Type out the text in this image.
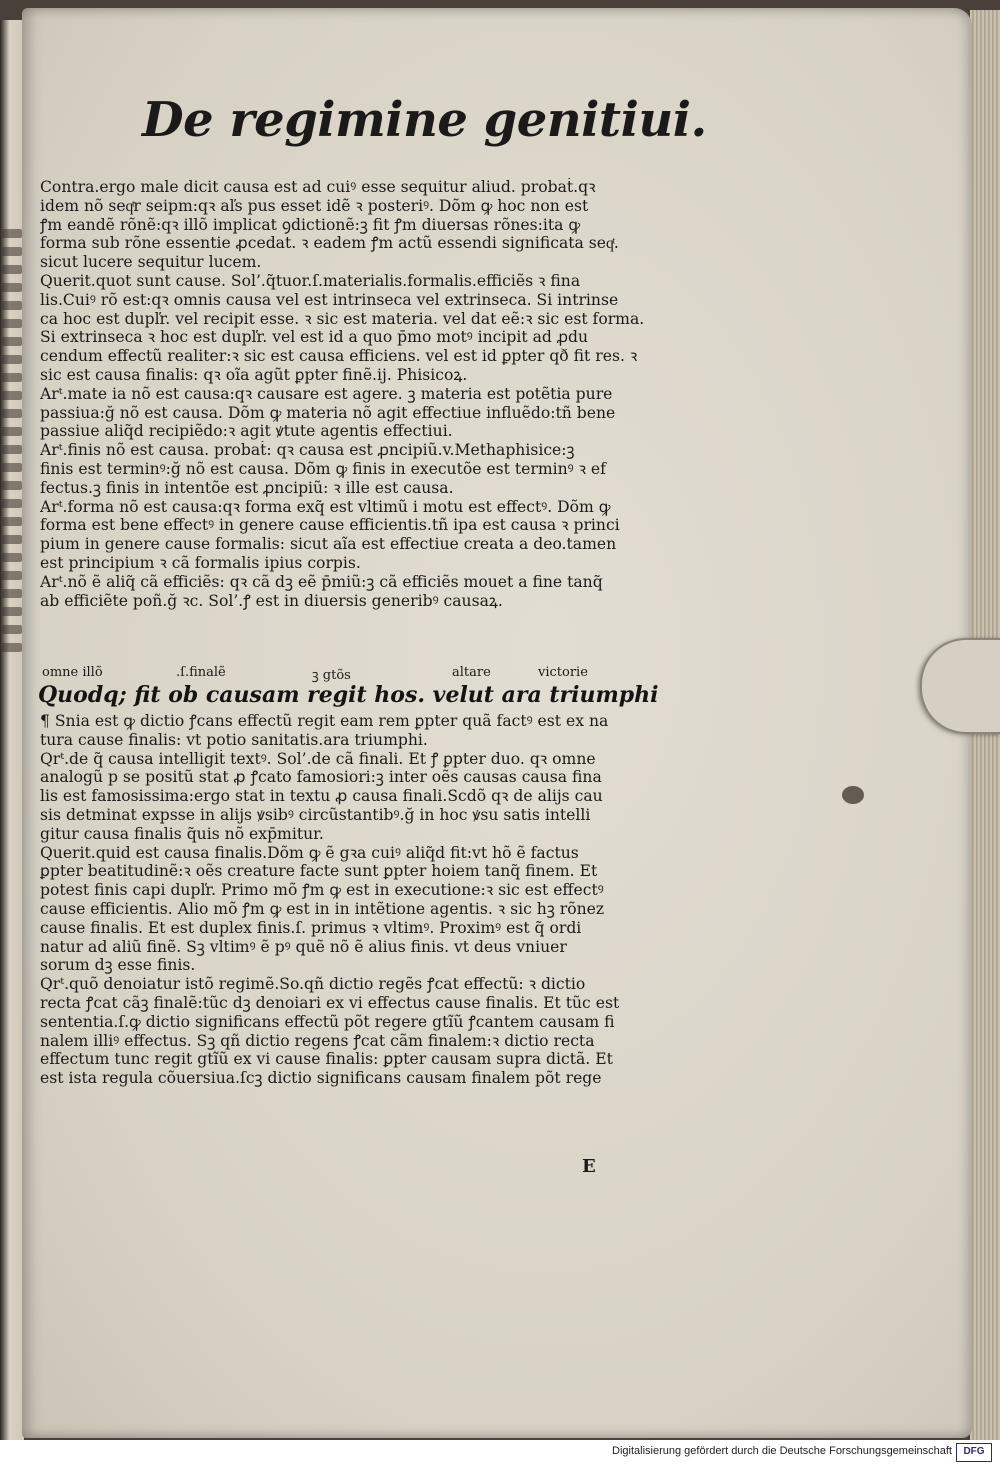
De regimine genitiui.
Contra.ergo male dicit causa est ad cuiꝰ esse sequitur aliud. probaṫ.qꝛ
idem nõ seqͭr seipm:qꝛ aľs pus esset idẽ ꝛ posteriꝰ. Dõm ꝙ hoc non est
ꝭm eandẽ rõnẽ:qꝛ illõ implicat ꝯdictionẽ:ꝫ fit ꝭm diuersas rõnes:ita ꝙ
forma sub rõne essentie ꝓcedat. ꝛ eadem ꝭm actũ essendi significata seqͭ.
sicut lucere sequitur lucem.
Querit.quot sunt cause. Sol’.q̃tuor.ſ.materialis.formalis.efficiẽs ꝛ fina
lis.Cuiꝰ rõ est:qꝛ omnis causa vel est intrinseca vel extrinseca. Si intrinse
ca hoc est dupľr. vel recipit esse. ꝛ sic est materia. vel dat eẽ:ꝛ sic est forma.
Si extrinseca ꝛ hoc est dupľr. vel est id a quo p̄mo motꝰ incipit ad ꝓdu
cendum effectũ realiter:ꝛ sic est causa efficiens. vel est id ꝑpter qð fit res. ꝛ
sic est causa finalis: qꝛ oĩa agũt ꝑpter finẽ.ij. Phisicoꝝ.
Arᵗ.mate ia nõ est causa:qꝛ causare est agere. ꝫ materia est potẽtia pure
passiua:ğ nõ est causa. Dõm ꝙ materia nõ agit effectiue influẽdo:tñ bene
passiue aliq̃d recipiẽdo:ꝛ agit ꝟtute agentis effectiui.
Arᵗ.finis nõ est causa. probaṫ: qꝛ causa est ꝓncipiũ.v.Methaphisice:ꝫ
finis est terminꝰ:ğ nõ est causa. Dõm ꝙ finis in executõe est terminꝰ ꝛ ef
fectus.ꝫ finis in intentõe est ꝓncipiũ: ꝛ ille est causa.
Arᵗ.forma nõ est causa:qꝛ forma exq̃ est vltimũ i motu est effectꝰ. Dõm ꝙ
forma est bene effectꝰ in genere cause efficientis.tñ ipa est causa ꝛ princi
pium in genere cause formalis: sicut aĩa est effectiue creata a deo.tamen
est principium ꝛ cã formalis ipius corpis.
Arᵗ.nõ ẽ aliq̃ cã efficiẽs: qꝛ cã dꝫ eẽ p̄miũ:ꝫ cã efficiẽs mouet a fine tanq̃
ab efficiẽte poñ.ğ ꝛc. Sol’.ꝭ est in diuersis generibꝰ causaꝝ.
omne illõ	.ſ.finalẽ	ꝫ gtõs	altare	victorie
Quodq; fit ob causam regit hos. velut ara triumphi
¶ Snia est ꝙ dictio ꝭcans effectũ regit eam rem ꝑpter quã factꝰ est ex na
tura cause finalis: vt potio sanitatis.ara triumphi.
Qrᵗ.de q̃ causa intelligiṫ textꝰ. Sol’.de cã finali. Et ꝭ ꝑpter duo. qꝛ omne
analogũ p se positũ stat ꝓ ꝭcato famosiori:ꝫ inter oẽs causas causa fina
lis est famosissima:ergo stat in textu ꝓ causa finali.Scdõ qꝛ de alijs cau
sis detminat expsse in alijs ꝟsibꝰ circũstantibꝰ.ğ in hoc ꝟsu satis intelli
gitur causa finalis q̃uis nõ exp̄mitur.
Querit.quid est causa finalis.Dõm ꝙ ẽ gꝛa cuiꝰ aliq̃d fit:vt hõ ẽ factus
ꝑpter beatitudinẽ:ꝛ oẽs creature facte sunt ꝑpter hoiem tanq̃ finem. Et
potest finis capi dupľr. Primo mõ ꝭm ꝙ est in executione:ꝛ sic est effectꝰ
cause efficientis. Alio mõ ꝭm ꝙ est in in intẽtione agentis. ꝛ sic hꝫ rõnez
cause finalis. Et est duplex finis.ſ. primus ꝛ vltimꝰ. Proximꝰ est q̃ ordi
natur ad aliũ finẽ. Sꝫ vltimꝰ ẽ pꝰ quẽ nõ ẽ alius finis. vt deus vniuer
sorum dꝫ esse finis.
Qrᵗ.quõ denoiatur istõ regimẽ.So.qñ dictio regẽs ꝭcat effectũ: ꝛ dictio
recta ꝭcat cãꝫ finalẽ:tũc dꝫ denoiari ex vi effectus cause finalis. Et tũc est
sententia.ſ.ꝙ dictio significans effectũ põt regere gtĩũ ꝭcantem causam fi
nalem illiꝰ effectus. Sꝫ qñ dictio regens ꝭcat cãm finalem:ꝛ dictio recta
effectum tunc regit gtĩũ ex vi cause finalis: ꝑpter causam supra dictã. Et
est ista regula cõuersiua.ſcꝫ dictio significans causam finalem põt rege
E
Digitalisierung gefördert durch die Deutsche Forschungsgemeinschaft	DFG
